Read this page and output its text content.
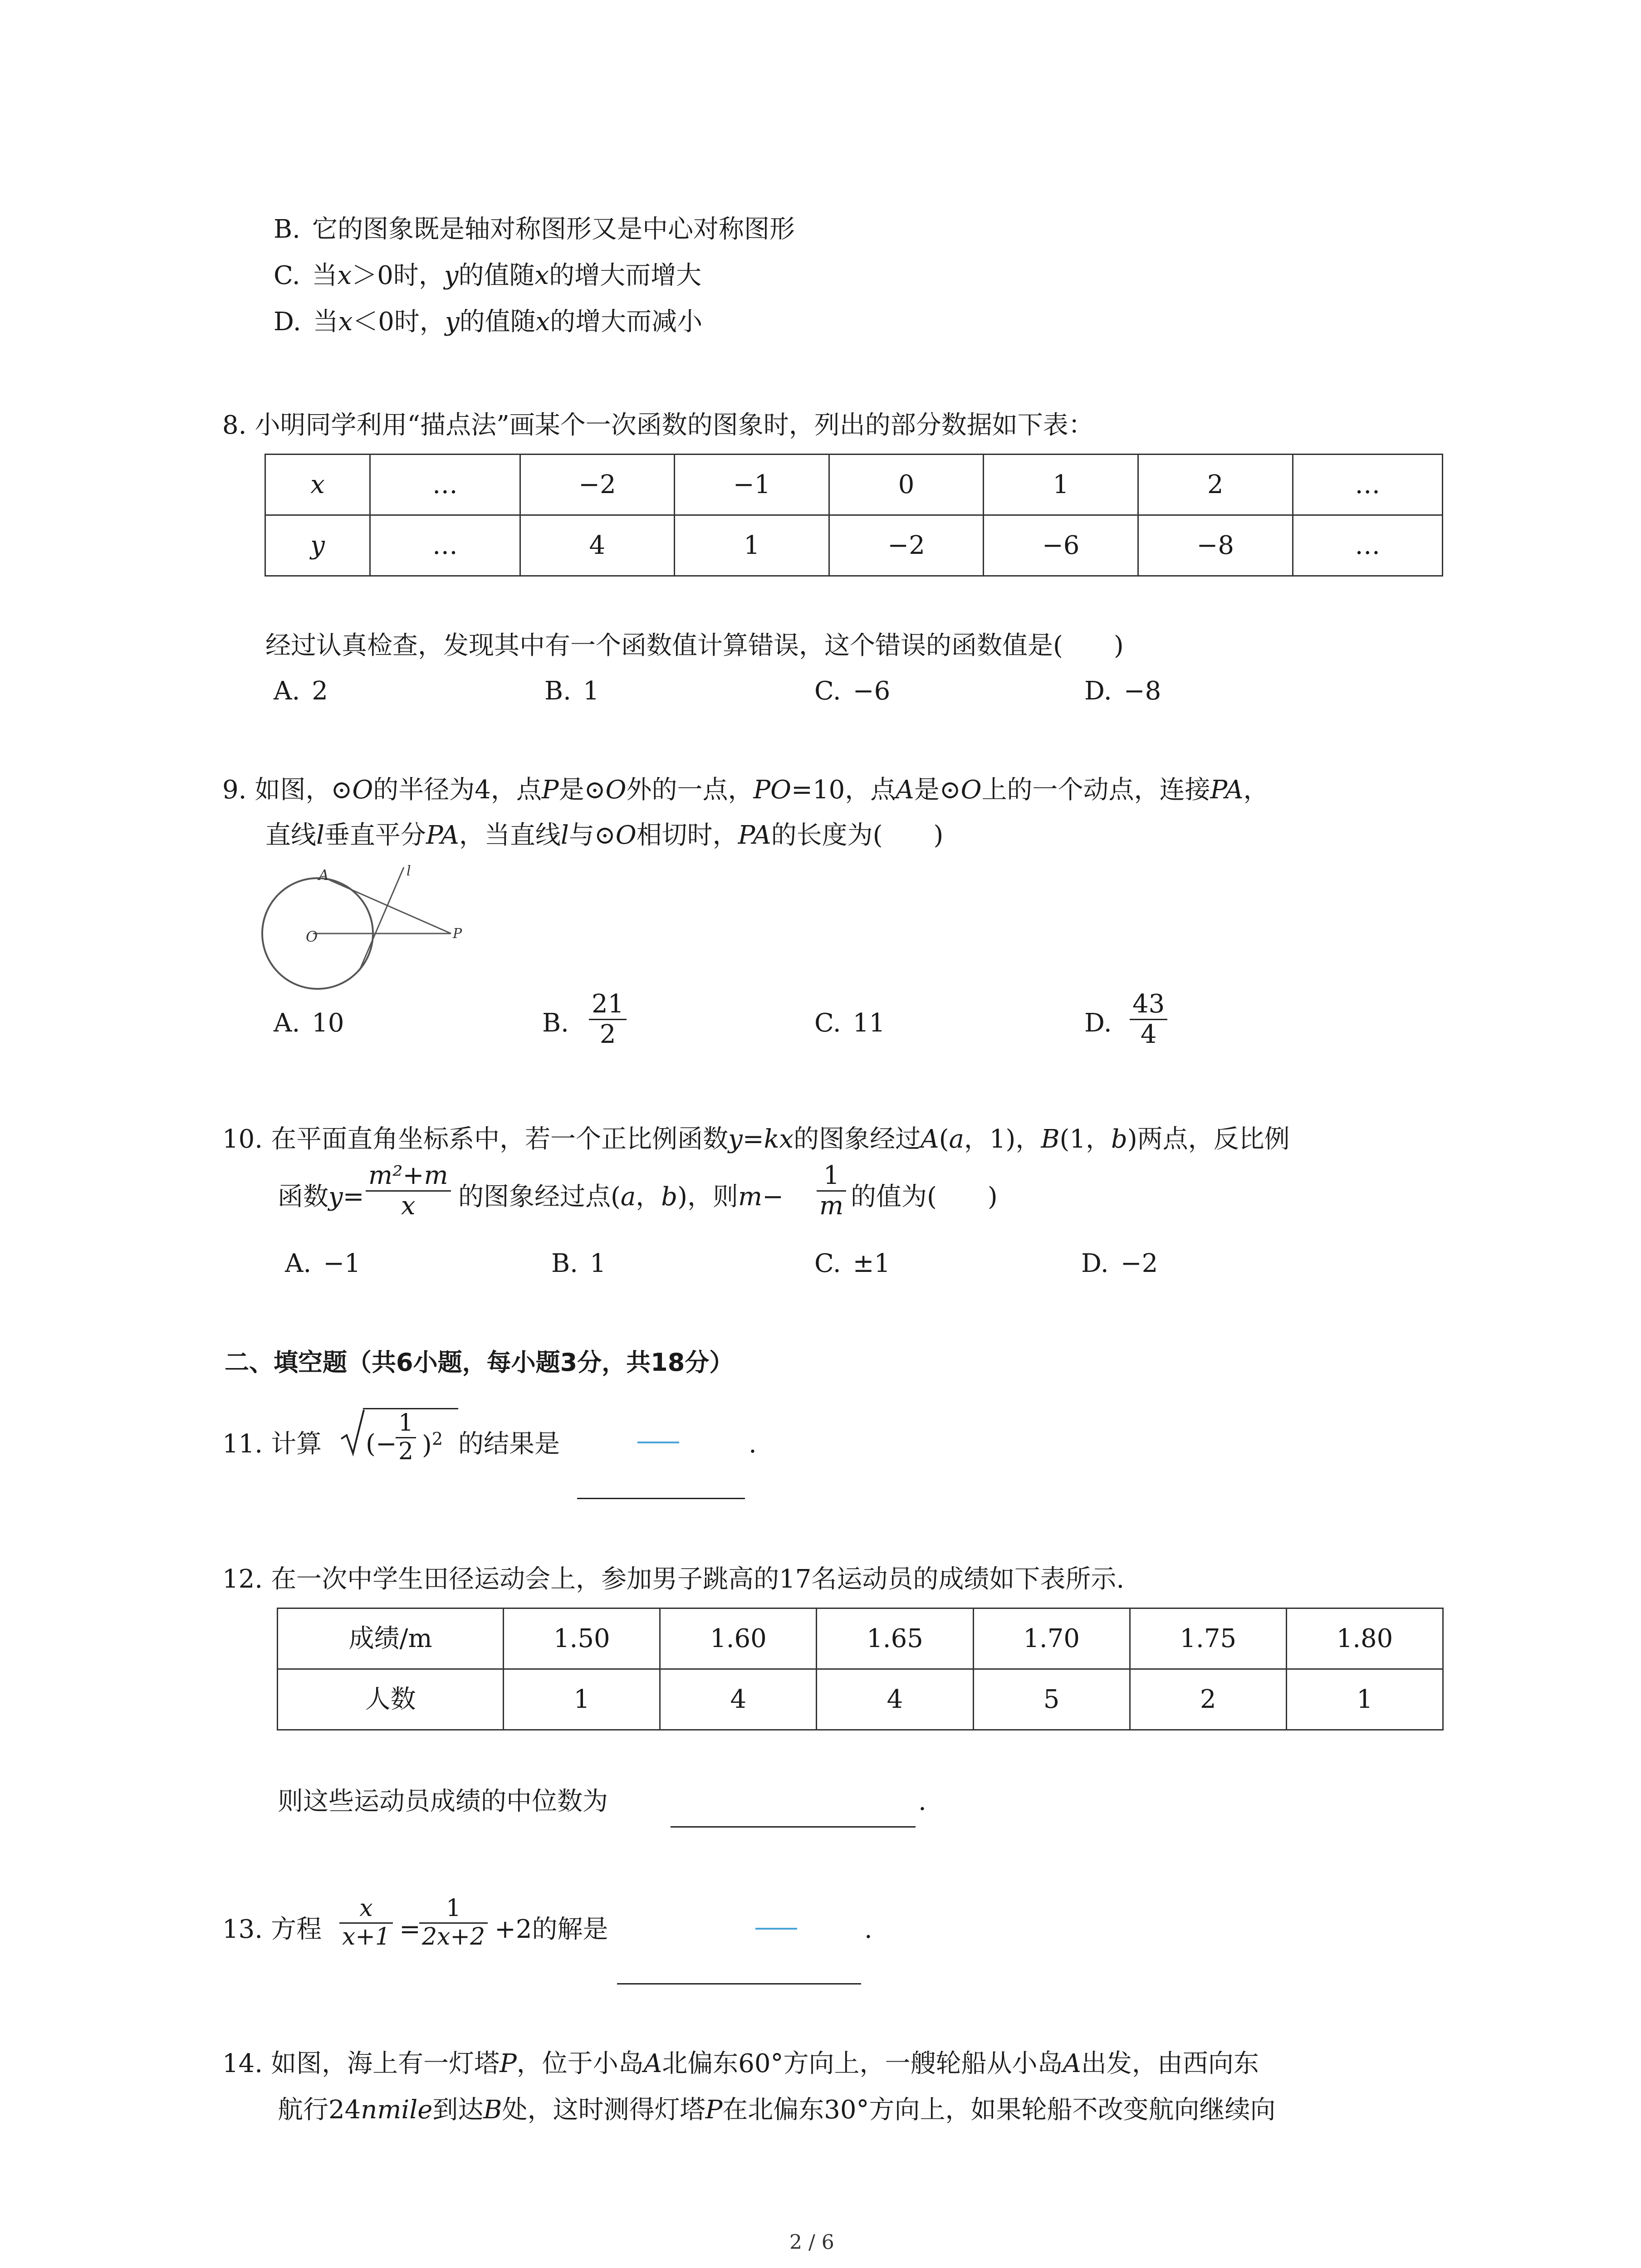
B. 它的图象既是轴对称图形又是中心对称图形
C. 当x＞0时，y的值随x的增大而增大
D. 当x＜0时，y的值随x的增大而减小
8. 小明同学利用“描点法”画某个一次函数的图象时，列出的部分数据如下表：
x	…	−2	−1	0	1	2	…
y	…	4	1	−2	−6	−8	…
经过认真检查，发现其中有一个函数值计算错误，这个错误的函数值是(　　)
A. 2	B. 1	C. −6	D. −8
9. 如图，⊙O的半径为4，点P是⊙O外的一点，PO=10，点A是⊙O上的一个动点，连接PA，
直线l垂直平分PA，当直线l与⊙O相切时，PA的长度为(　　)
A	l
O	P
A. 10	B. $\frac{21}{2}$	C. 11	D. $\frac{43}{4}$
10. 在平面直角坐标系中，若一个正比例函数y=kx的图象经过A(a，1)，B(1，b)两点，反比例
函数$y= \frac{\text{m²+m}}{x}$ 的图象经过点(a，b)，则$m- \frac{1}{m}$ 的值为(　　)
A. −1	B. 1	C. ±1	D. −2
二、填空题（共6小题，每小题3分，共18分）
11. 计算 (−
$\frac{1}{2} )^2$ 的结果是	.
12. 在一次中学生田径运动会上，参加男子跳高的17名运动员的成绩如下表所示.
成绩/m	1.50	1.60	1.65	1.70	1.75	1.80
人数	1	4	4	5	2	1
则这些运动员成绩的中位数为	.
13. 方程 $\frac{x}{x+1}$ =
$\frac{1}{2x+2} +2$的解是	.
14. 如图，海上有一灯塔P，位于小岛A北偏东60°方向上，一艘轮船从小岛A出发，由西向东
航行24nmile到达B处，这时测得灯塔P在北偏东30°方向上，如果轮船不改变航向继续向
2 / 6
